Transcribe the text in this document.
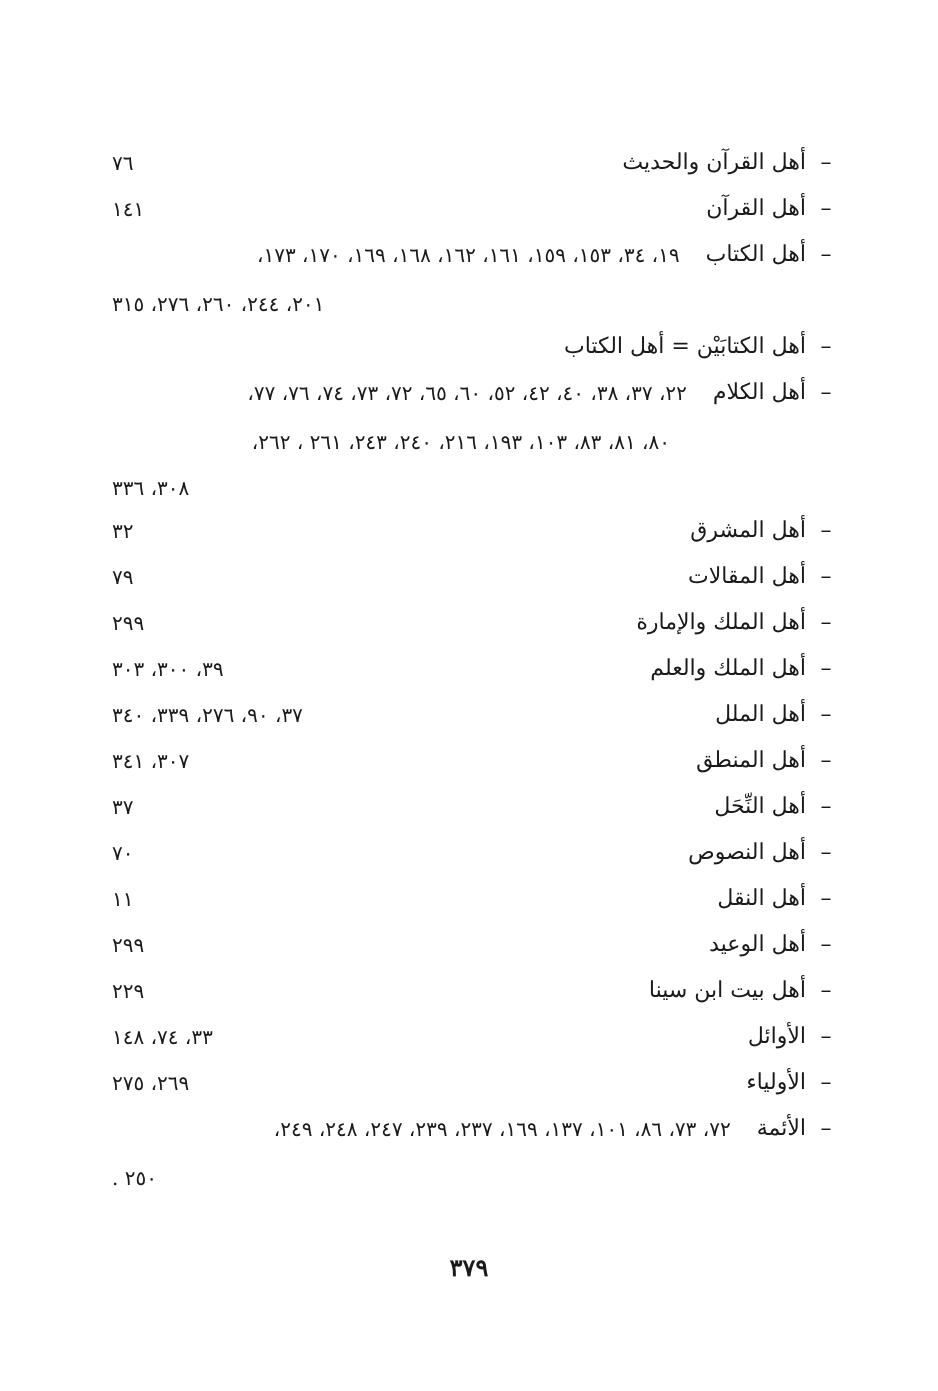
–
أهل القرآن والحديث
٧٦
–
أهل القرآن
١٤١
–
أهل الكتاب
١٩، ٣٤، ١٥٣، ١٥٩، ١٦١، ١٦٢، ١٦٨، ١٦٩، ١٧٠، ١٧٣،
٢٠١، ٢٤٤، ٢٦٠، ٢٧٦، ٣١٥
–
أهل الكتابَيْن = أهل الكتاب
–
أهل الكلام
٢٢، ٣٧، ٣٨، ٤٠، ٤٢، ٥٢، ٦٠، ٦٥، ٧٢، ٧٣، ٧٤، ٧٦، ٧٧،
٨٠، ٨١، ٨٣، ١٠٣، ١٩٣، ٢١٦، ٢٤٠، ٢٤٣، ٢٦١ ، ٢٦٢،
٣٠٨، ٣٣٦
–
أهل المشرق
٣٢
–
أهل المقالات
٧٩
–
أهل الملك والإمارة
٢٩٩
–
أهل الملك والعلم
٣٩، ٣٠٠، ٣٠٣
–
أهل الملل
٣٧، ٩٠، ٢٧٦، ٣٣٩، ٣٤٠
–
أهل المنطق
٣٠٧، ٣٤١
–
أهل النِّحَل
٣٧
–
أهل النصوص
٧٠
–
أهل النقل
١١
–
أهل الوعيد
٢٩٩
–
أهل بيت ابن سينا
٢٢٩
–
الأوائل
٣٣، ٧٤، ١٤٨
–
الأولياء
٢٦٩، ٢٧٥
–
الأئمة
٧٢، ٧٣، ٨٦، ١٠١، ١٣٧، ١٦٩، ٢٣٧، ٢٣٩، ٢٤٧، ٢٤٨، ٢٤٩،
٢٥٠ .
٣٧٩
